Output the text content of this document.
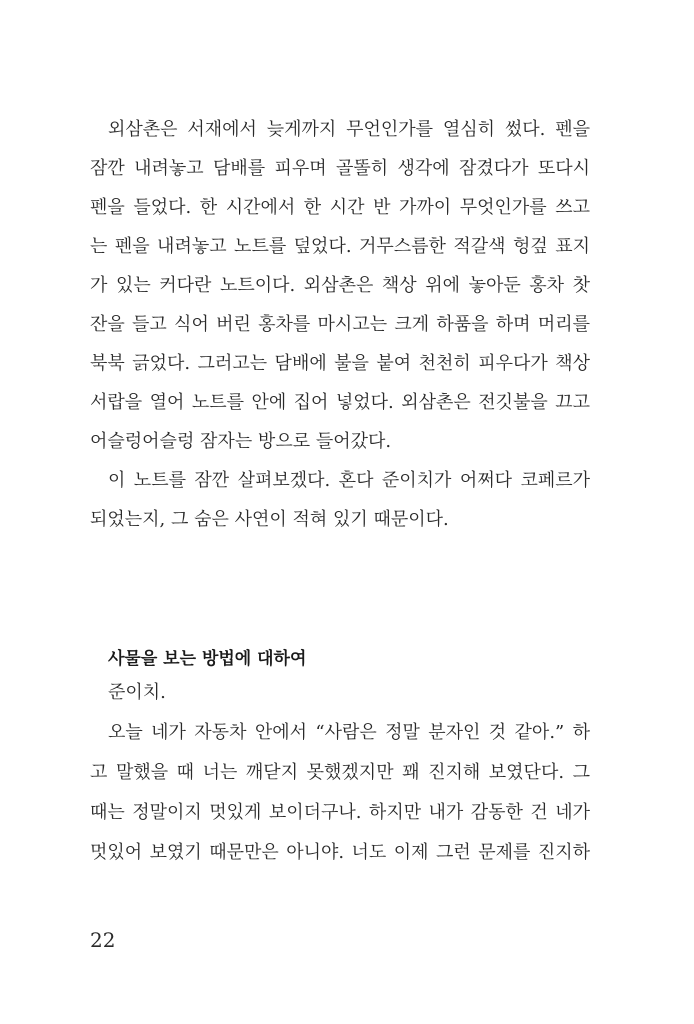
외삼촌은 서재에서 늦게까지 무언인가를 열심히 썼다. 펜을
잠깐 내려놓고 담배를 피우며 골똘히 생각에 잠겼다가 또다시
펜을 들었다. 한 시간에서 한 시간 반 가까이 무엇인가를 쓰고
는 펜을 내려놓고 노트를 덮었다. 거무스름한 적갈색 헝겊 표지
가 있는 커다란 노트이다. 외삼촌은 책상 위에 놓아둔 홍차 찻
잔을 들고 식어 버린 홍차를 마시고는 크게 하품을 하며 머리를
북북 긁었다. 그러고는 담배에 불을 붙여 천천히 피우다가 책상
서랍을 열어 노트를 안에 집어 넣었다. 외삼촌은 전깃불을 끄고
어슬렁어슬렁 잠자는 방으로 들어갔다.
이 노트를 잠깐 살펴보겠다. 혼다 준이치가 어쩌다 코페르가
되었는지, 그 숨은 사연이 적혀 있기 때문이다.
사물을 보는 방법에 대하여
준이치.
오늘 네가 자동차 안에서 “사람은 정말 분자인 것 같아.” 하
고 말했을 때 너는 깨닫지 못했겠지만 꽤 진지해 보였단다. 그
때는 정말이지 멋있게 보이더구나. 하지만 내가 감동한 건 네가
멋있어 보였기 때문만은 아니야. 너도 이제 그런 문제를 진지하
22
